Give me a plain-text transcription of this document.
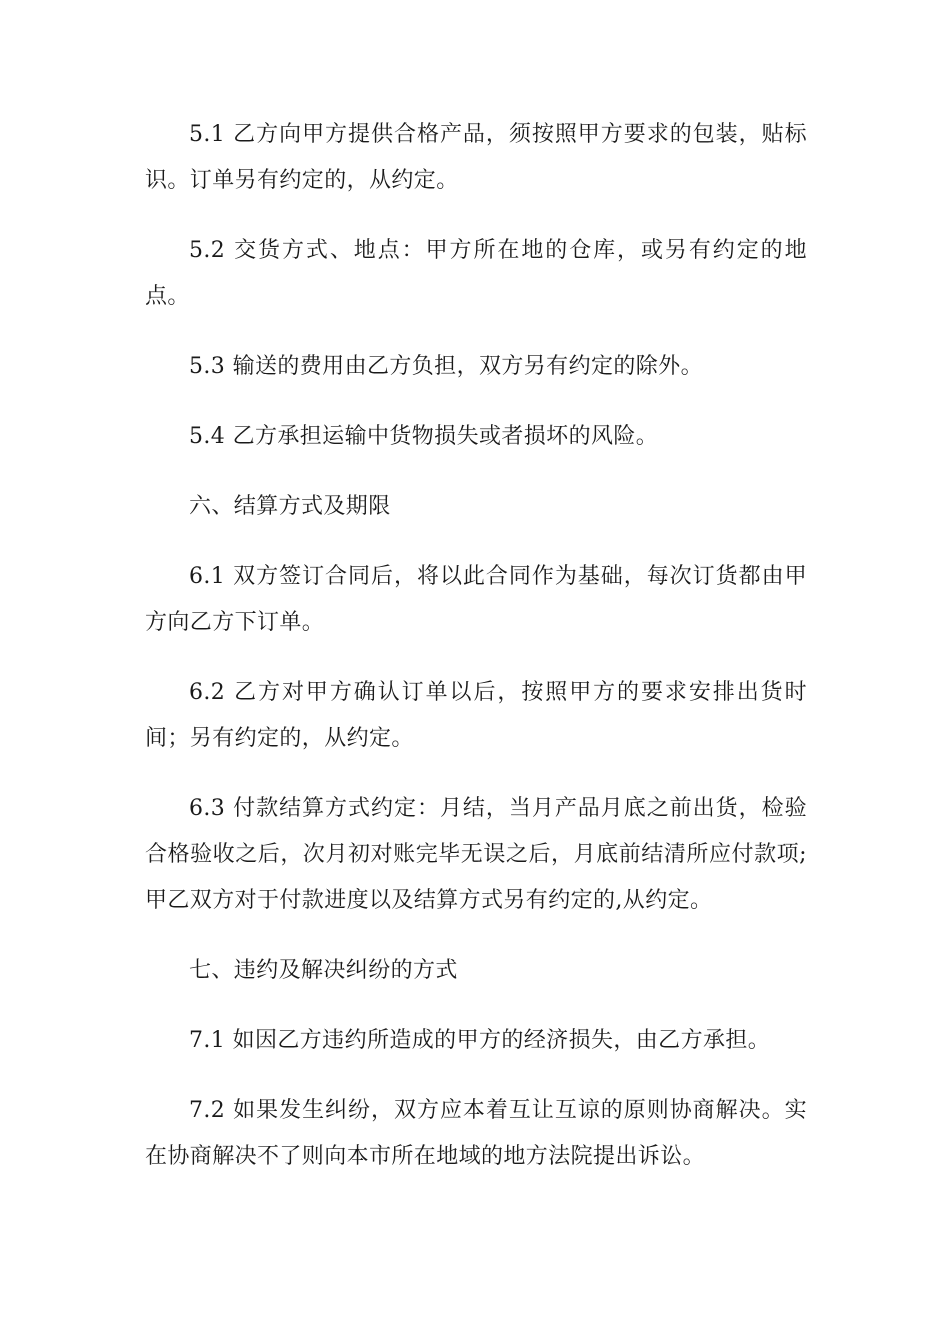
5.1 乙方向甲方提供合格产品，须按照甲方要求的包装，贴标识。订单另有约定的，从约定。

5.2 交货方式、地点：甲方所在地的仓库，或另有约定的地点。

5.3 输送的费用由乙方负担，双方另有约定的除外。

5.4 乙方承担运输中货物损失或者损坏的风险。

六、结算方式及期限

6.1 双方签订合同后，将以此合同作为基础，每次订货都由甲方向乙方下订单。

6.2 乙方对甲方确认订单以后，按照甲方的要求安排出货时间；另有约定的，从约定。

6.3 付款结算方式约定：月结，当月产品月底之前出货，检验合格验收之后，次月初对账完毕无误之后，月底前结清所应付款项;甲乙双方对于付款进度以及结算方式另有约定的,从约定。

七、违约及解决纠纷的方式

7.1 如因乙方违约所造成的甲方的经济损失，由乙方承担。

7.2 如果发生纠纷，双方应本着互让互谅的原则协商解决。实在协商解决不了则向本市所在地域的地方法院提出诉讼。
